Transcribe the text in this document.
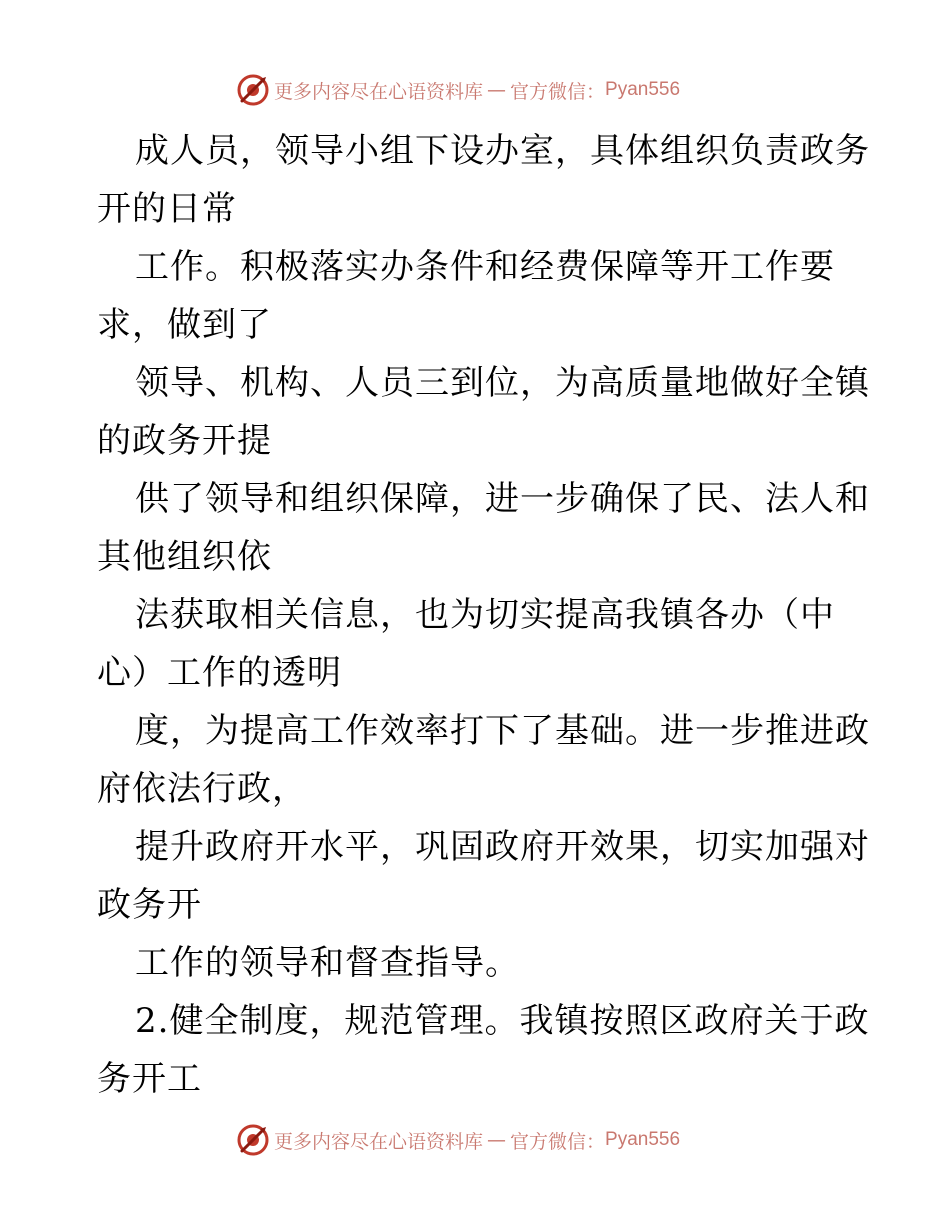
更多内容尽在心语资料库 — 官方微信： Pyan556
成人员，领导小组下设办室，具体组织负责政务
开的日常
工作。积极落实办条件和经费保障等开工作要
求，做到了
领导、机构、人员三到位，为高质量地做好全镇
的政务开提
供了领导和组织保障，进一步确保了民、法人和
其他组织依
法获取相关信息，也为切实提高我镇各办（中
心）工作的透明
度，为提高工作效率打下了基础。进一步推进政
府依法行政，
提升政府开水平，巩固政府开效果，切实加强对
政务开
工作的领导和督查指导。
2.健全制度，规范管理。我镇按照区政府关于政
务开工
更多内容尽在心语资料库 — 官方微信： Pyan556
